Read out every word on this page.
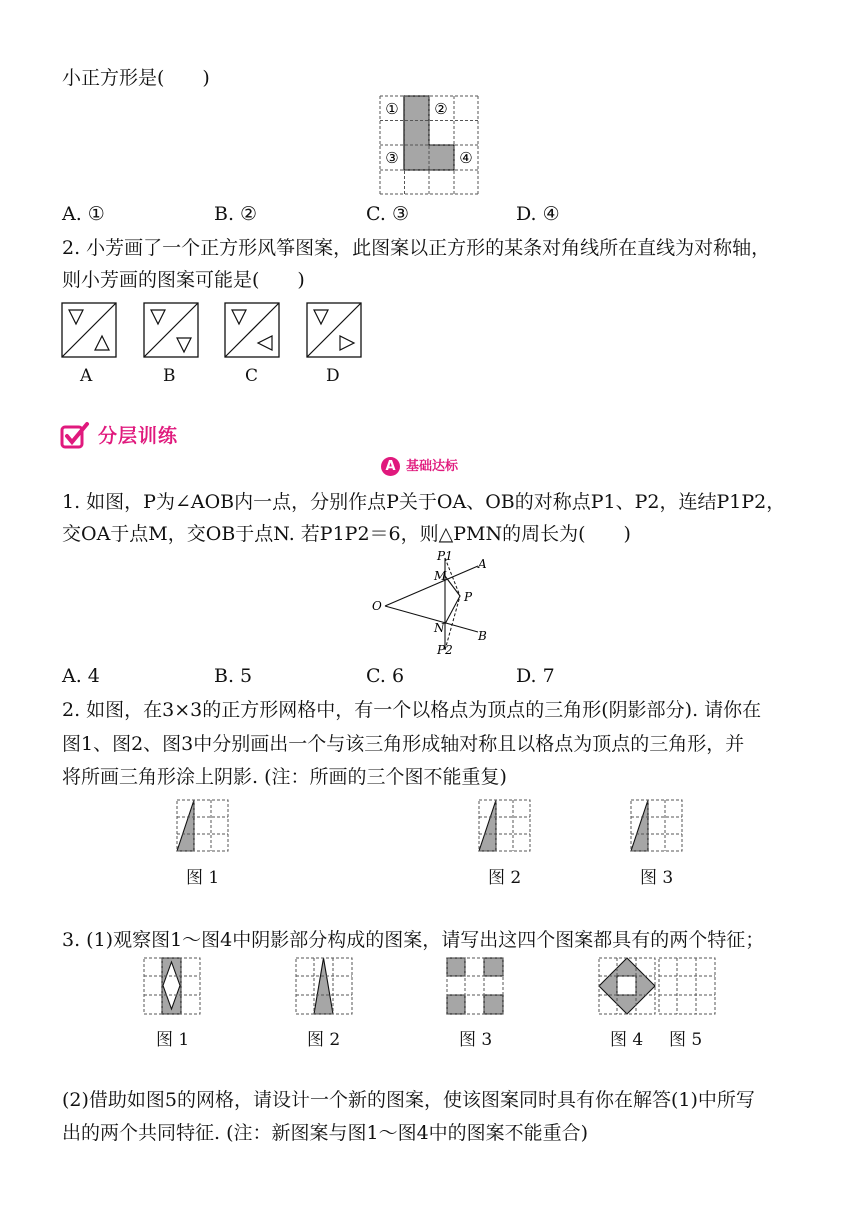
小正方形是(　　)
① ②
③	④
A. ①	B. ②	C. ③	D. ④
2. 小芳画了一个正方形风筝图案，此图案以正方形的某条对角线所在直线为对称轴，
则小芳画的图案可能是(　　)
A	B	C	D
分层训练
A 基础达标
1. 如图，P为∠AOB内一点，分别作点P关于OA、OB的对称点P1、P2，连结P1P2，
交OA于点M，交OB于点N. 若P1P2＝6，则△PMN的周长为(　　)
P1
M
A
P
O
N
B
P2
A. 4	B. 5	C. 6	D. 7
2. 如图，在3×3的正方形网格中，有一个以格点为顶点的三角形(阴影部分). 请你在
图1、图2、图3中分别画出一个与该三角形成轴对称且以格点为顶点的三角形，并
将所画三角形涂上阴影. (注：所画的三个图不能重复)
图 1	图 2	图 3
3. (1)观察图1～图4中阴影部分构成的图案，请写出这四个图案都具有的两个特征；
图 1	图 2	图 3	图 4 图 5
(2)借助如图5的网格，请设计一个新的图案，使该图案同时具有你在解答(1)中所写
出的两个共同特征. (注：新图案与图1～图4中的图案不能重合)
